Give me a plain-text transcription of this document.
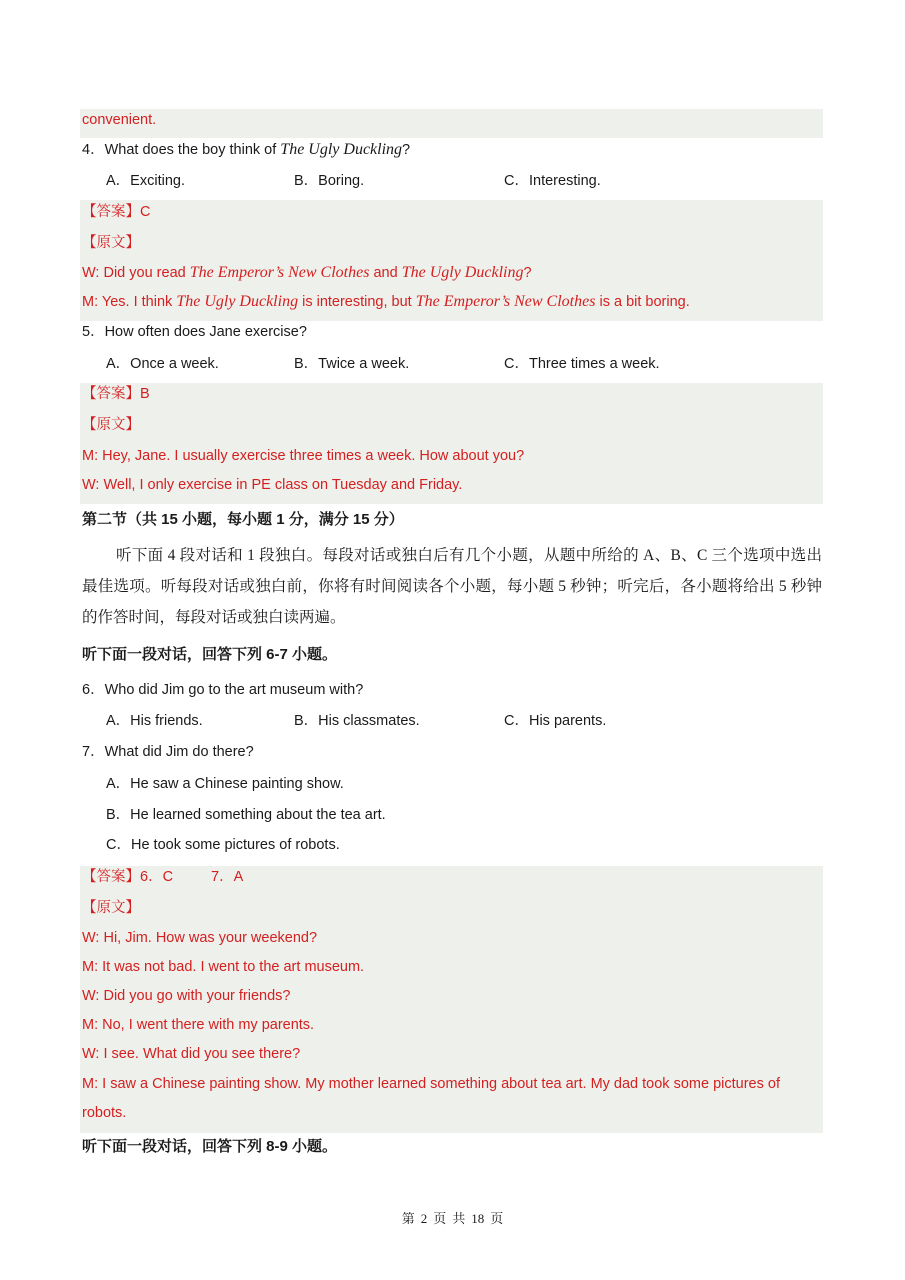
convenient.
4．What does the boy think of The Ugly Duckling?
A．Exciting.	B．Boring.	C．Interesting.
【答案】C
【原文】
W: Did you read The Emperor’s New Clothes and The Ugly Duckling?
M: Yes. I think The Ugly Duckling is interesting, but The Emperor’s New Clothes is a bit boring.
5．How often does Jane exercise?
A．Once a week.	B．Twice a week.	C．Three times a week.
【答案】B
【原文】
M: Hey, Jane. I usually exercise three times a week. How about you?
W: Well, I only exercise in PE class on Tuesday and Friday.
第二节（共 15 小题，每小题 1 分，满分 15 分）
听下面 4 段对话和 1 段独白。每段对话或独白后有几个小题，从题中所给的 A、B、C 三个选项中选出最佳选项。听每段对话或独白前，你将有时间阅读各个小题，每小题 5 秒钟；听完后，各小题将给出 5 秒钟的作答时间，每段对话或独白读两遍。
听下面一段对话，回答下列 6-7 小题。
6．Who did Jim go to the art museum with?
A．His friends.	B．His classmates.	C．His parents.
7．What did Jim do there?
A．He saw a Chinese painting show.
B．He learned something about the tea art.
C．He took some pictures of robots.
【答案】6．C	7．A
【原文】
W: Hi, Jim. How was your weekend?
M: It was not bad. I went to the art museum.
W: Did you go with your friends?
M: No, I went there with my parents.
W: I see. What did you see there?
M: I saw a Chinese painting show. My mother learned something about tea art. My dad took some pictures of
robots.
听下面一段对话，回答下列 8-9 小题。
第 2 页 共 18 页
